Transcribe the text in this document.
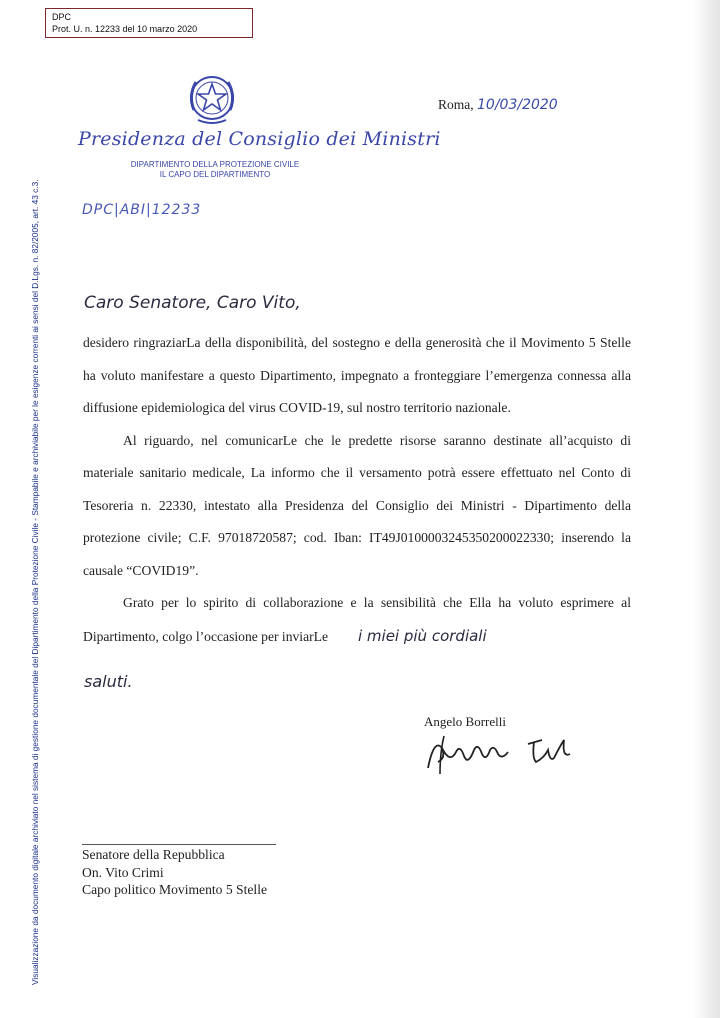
DPC
Prot. U. n. 12233 del 10 marzo 2020
Visualizzazione da documento digitale archiviato nel sistema di gestione documentale del Dipartimento della Protezione Civile - Stampabile e archiviabile per le esigenze correnti ai sensi del D.Lgs. n. 82/2005, art. 43 c.3.
Presidenza del Consiglio dei Ministri
DIPARTIMENTO DELLA PROTEZIONE CIVILE
IL CAPO DEL DIPARTIMENTO
Roma, 10/03/2020
DPC|ABI|12233
Caro Senatore, Caro Vito,

desidero ringraziarLa della disponibilità, del sostegno e della generosità che il Movimento 5 Stelle ha voluto manifestare a questo Dipartimento, impegnato a fronteggiare l’emergenza connessa alla diffusione epidemiologica del virus COVID-19, sul nostro territorio nazionale.

Al riguardo, nel comunicarLe che le predette risorse saranno destinate all’acquisto di materiale sanitario medicale, La informo che il versamento potrà essere effettuato nel Conto di Tesoreria n. 22330, intestato alla Presidenza del Consiglio dei Ministri - Dipartimento della protezione civile; C.F. 97018720587; cod. Iban: IT49J0100003245350200022330; inserendo la causale “COVID19”.

Grato per lo spirito di collaborazione e la sensibilità che Ella ha voluto esprimere al Dipartimento, colgo l’occasione per inviarLe i miei più cordiali

saluti.
Angelo Borrelli
Senatore della Repubblica
On. Vito Crimi
Capo politico Movimento 5 Stelle
